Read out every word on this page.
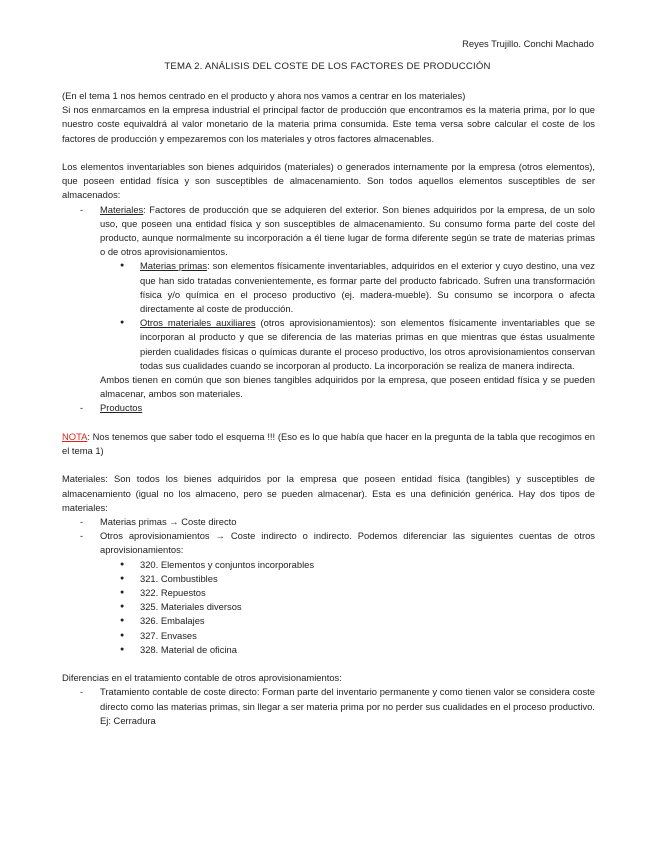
Reyes Trujillo. Conchi Machado
TEMA 2. ANÁLISIS DEL COSTE DE LOS FACTORES DE PRODUCCIÓN

(En el tema 1 nos hemos centrado en el producto y ahora nos vamos a centrar en los materiales)

Si nos enmarcamos en la empresa industrial el principal factor de producción que encontramos es la materia prima, por lo que nuestro coste equivaldrá al valor monetario de la materia prima consumida. Este tema versa sobre calcular el coste de los factores de producción y empezaremos con los materiales y otros factores almacenables.

Los elementos inventariables son bienes adquiridos (materiales) o generados internamente por la empresa (otros elementos), que poseen entidad física y son susceptibles de almacenamiento. Son todos aquellos elementos susceptibles de ser almacenados:

- Materiales: Factores de producción que se adquieren del exterior. Son bienes adquiridos por la empresa, de un solo uso, que poseen una entidad física y son susceptibles de almacenamiento. Su consumo forma parte del coste del producto, aunque normalmente su incorporación a él tiene lugar de forma diferente según se trate de materias primas o de otros aprovisionamientos.
● Materias primas: son elementos físicamente inventariables, adquiridos en el exterior y cuyo destino, una vez que han sido tratadas convenientemente, es formar parte del producto fabricado. Sufren una transformación física y/o química en el proceso productivo (ej. madera-mueble). Su consumo se incorpora o afecta directamente al coste de producción.
● Otros materiales auxiliares (otros aprovisionamientos): son elementos físicamente inventariables que se incorporan al producto y que se diferencia de las materias primas en que mientras que éstas usualmente pierden cualidades físicas o químicas durante el proceso productivo, los otros aprovisionamientos conservan todas sus cualidades cuando se incorporan al producto. La incorporación se realiza de manera indirecta.

Ambos tienen en común que son bienes tangibles adquiridos por la empresa, que poseen entidad física y se pueden almacenar, ambos son materiales.

- Productos

NOTA: Nos tenemos que saber todo el esquema !!! (Eso es lo que había que hacer en la pregunta de la tabla que recogimos en el tema 1)

Materiales: Son todos los bienes adquiridos por la empresa que poseen entidad física (tangibles) y susceptibles de almacenamiento (igual no los almaceno, pero se pueden almacenar). Esta es una definición genérica. Hay dos tipos de materiales:

- Materias primas → Coste directo
- Otros aprovisionamientos → Coste indirecto o indirecto. Podemos diferenciar las siguientes cuentas de otros aprovisionamientos:
● 320. Elementos y conjuntos incorporables
● 321. Combustibles
● 322. Repuestos
● 325. Materiales diversos
● 326. Embalajes
● 327. Envases
● 328. Material de oficina

Diferencias en el tratamiento contable de otros aprovisionamientos:

- Tratamiento contable de coste directo: Forman parte del inventario permanente y como tienen valor se considera coste directo como las materias primas, sin llegar a ser materia prima por no perder sus cualidades en el proceso productivo. Ej: Cerradura
